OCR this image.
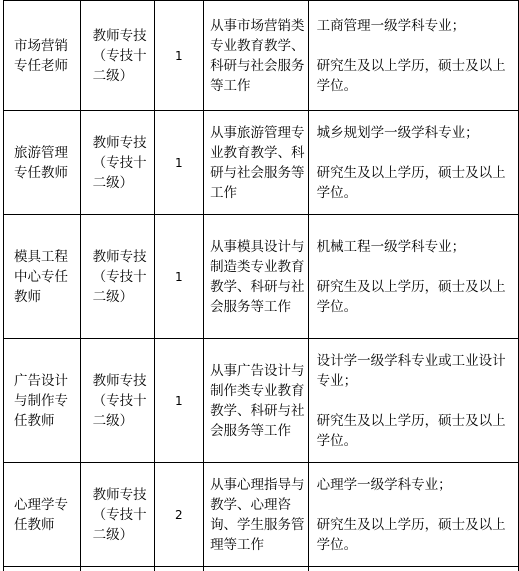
市场营销专任老师	教师专技（专技十二级）	1	从事市场营销类专业教育教学、科研与社会服务等工作	工商管理一级学科专业；
研究生及以上学历，硕士及以上学位。

旅游管理专任教师	教师专技（专技十二级）	1	从事旅游管理专业教育教学、科研与社会服务等工作	城乡规划学一级学科专业；
研究生及以上学历，硕士及以上学位。

模具工程中心专任教师	教师专技（专技十二级）	1	从事模具设计与制造类专业教育教学、科研与社会服务等工作	机械工程一级学科专业；
研究生及以上学历，硕士及以上学位。

广告设计与制作专任教师	教师专技（专技十二级）	1	从事广告设计与制作类专业教育教学、科研与社会服务等工作	设计学一级学科专业或工业设计专业；
研究生及以上学历，硕士及以上学位。

心理学专任教师	教师专技（专技十二级）	2	从事心理指导与教学、心理咨询、学生服务管理等工作	心理学一级学科专业；
研究生及以上学历，硕士及以上学位。
